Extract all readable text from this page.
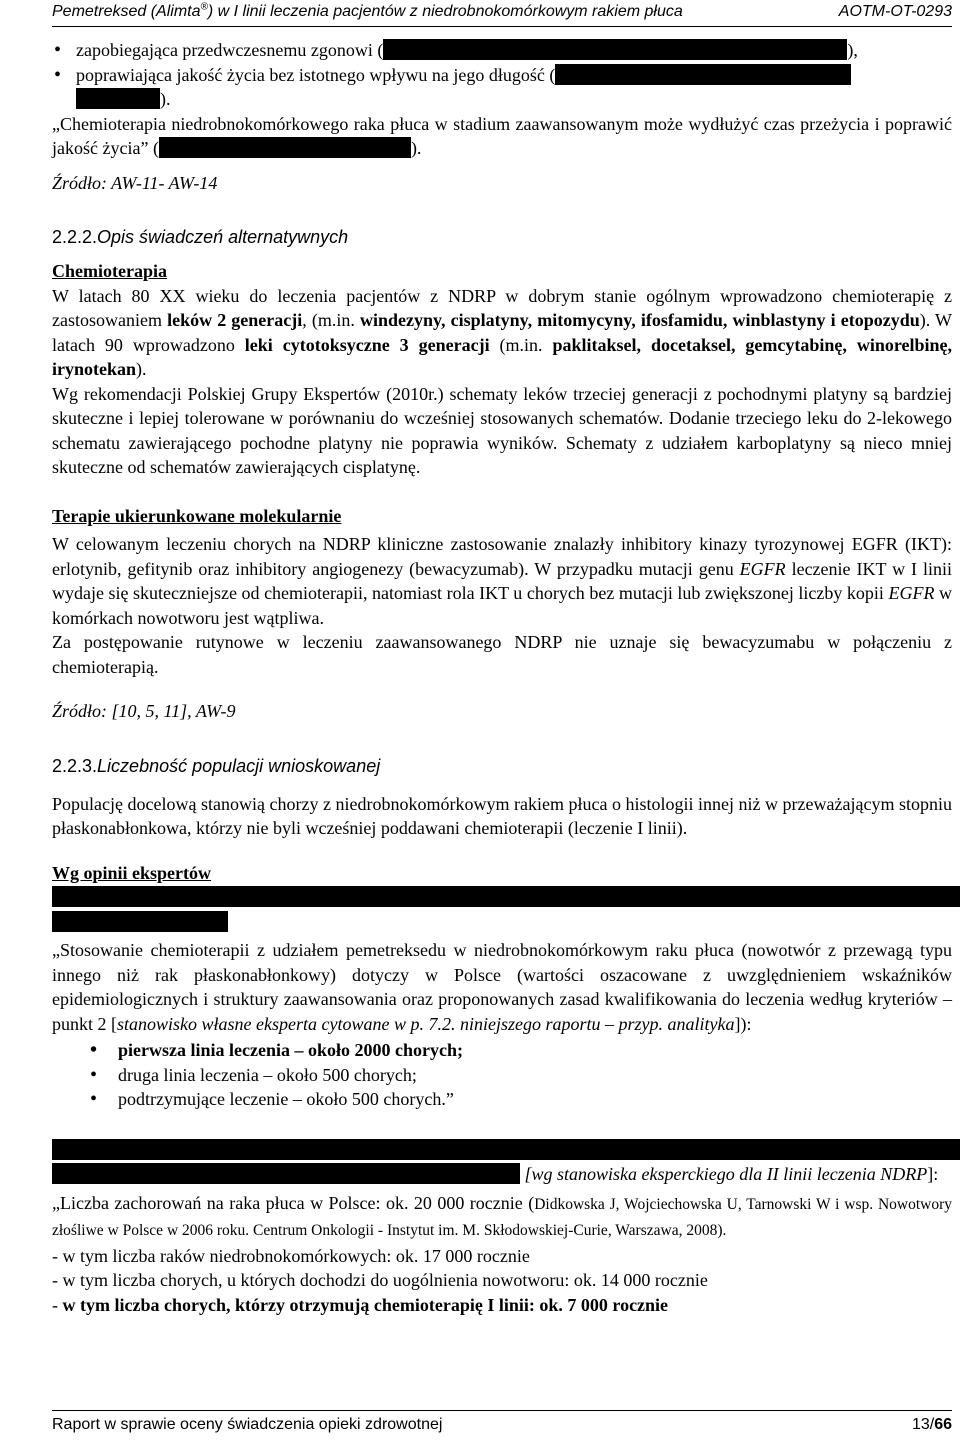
Pemetreksed (Alimta®) w I linii leczenia pacjentów z niedrobnokomórkowym rakiem płuca	AOTM-OT-0293
• zapobiegająca przedwczesnemu zgonowi (	),
• poprawiająca jakość życia bez istotnego wpływu na jego długość (
).

„Chemioterapia niedrobnokomórkowego raka płuca w stadium zaawansowanym może wydłużyć czas przeżycia i poprawić jakość życia” (	).

Źródło: AW-11- AW-14

2.2.2.Opis świadczeń alternatywnych

Chemioterapia

W latach 80 XX wieku do leczenia pacjentów z NDRP w dobrym stanie ogólnym wprowadzono chemioterapię z zastosowaniem leków 2 generacji, (m.in. windezyny, cisplatyny, mitomycyny, ifosfamidu, winblastyny i etopozydu). W latach 90 wprowadzono leki cytotoksyczne 3 generacji (m.in. paklitaksel, docetaksel, gemcytabinę, winorelbinę, irynotekan).

Wg rekomendacji Polskiej Grupy Ekspertów (2010r.) schematy leków trzeciej generacji z pochodnymi platyny są bardziej skuteczne i lepiej tolerowane w porównaniu do wcześniej stosowanych schematów. Dodanie trzeciego leku do 2-lekowego schematu zawierającego pochodne platyny nie poprawia wyników. Schematy z udziałem karboplatyny są nieco mniej skuteczne od schematów zawierających cisplatynę.

Terapie ukierunkowane molekularnie

W celowanym leczeniu chorych na NDRP kliniczne zastosowanie znalazły inhibitory kinazy tyrozynowej EGFR (IKT): erlotynib, gefitynib oraz inhibitory angiogenezy (bewacyzumab). W przypadku mutacji genu EGFR leczenie IKT w I linii wydaje się skuteczniejsze od chemioterapii, natomiast rola IKT u chorych bez mutacji lub zwiększonej liczby kopii EGFR w komórkach nowotworu jest wątpliwa.

Za postępowanie rutynowe w leczeniu zaawansowanego NDRP nie uznaje się bewacyzumabu w połączeniu z chemioterapią.

Źródło: [10, 5, 11], AW-9

2.2.3.Liczebność populacji wnioskowanej

Populację docelową stanowią chorzy z niedrobnokomórkowym rakiem płuca o histologii innej niż w przeważającym stopniu płaskonabłonkowa, którzy nie byli wcześniej poddawani chemioterapii (leczenie I linii).

Wg opinii ekspertów

„Stosowanie chemioterapii z udziałem pemetreksedu w niedrobnokomórkowym raku płuca (nowotwór z przewagą typu innego niż rak płaskonabłonkowy) dotyczy w Polsce (wartości oszacowane z uwzględnieniem wskaźników epidemiologicznych i struktury zaawansowania oraz proponowanych zasad kwalifikowania do leczenia według kryteriów – punkt 2 [stanowisko własne eksperta cytowane w p. 7.2. niniejszego raportu – przyp. analityka]):

• pierwsza linia leczenia – około 2000 chorych;
• druga linia leczenia – około 500 chorych;
• podtrzymujące leczenie – około 500 chorych.”

[wg stanowiska eksperckiego dla II linii leczenia NDRP]:

„Liczba zachorowań na raka płuca w Polsce: ok. 20 000 rocznie (Didkowska J, Wojciechowska U, Tarnowski W i wsp. Nowotwory złośliwe w Polsce w 2006 roku. Centrum Onkologii - Instytut im. M. Skłodowskiej-Curie, Warszawa, 2008).

- w tym liczba raków niedrobnokomórkowych: ok. 17 000 rocznie

- w tym liczba chorych, u których dochodzi do uogólnienia nowotworu: ok. 14 000 rocznie

- w tym liczba chorych, którzy otrzymują chemioterapię I linii: ok. 7 000 rocznie

Raport w sprawie oceny świadczenia opieki zdrowotnej	13/66
